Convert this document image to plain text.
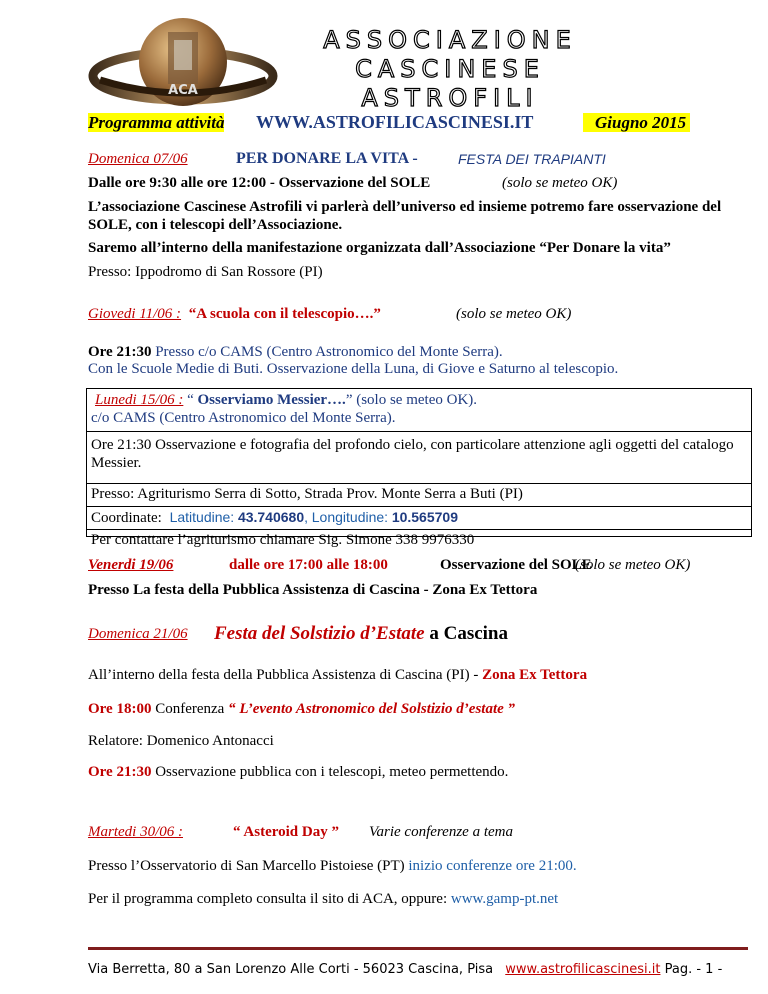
ACA
ASSOCIAZIONE
CASCINESE
ASTROFILI
Programma attività WWW.ASTROFILICASCINESI.IT	Giugno 2015
Domenica 07/06	PER DONARE LA VITA -	FESTA DEI TRAPIANTI
Dalle ore 9:30 alle ore 12:00 - Osservazione del SOLE	(solo se meteo OK)
L’associazione Cascinese Astrofili vi parlerà dell’universo ed insieme potremo fare osservazione del SOLE, con i telescopi dell’Associazione.
Saremo all’interno della manifestazione organizzata dall’Associazione “Per Donare la vita”
Presso: Ippodromo di San Rossore (PI)
Giovedi 11/06 : “A scuola con il telescopio….”	(solo se meteo OK)
Ore 21:30 Presso c/o CAMS (Centro Astronomico del Monte Serra).
Con le Scuole Medie di Buti. Osservazione della Luna, di Giove e Saturno al telescopio.
Lunedi 15/06 : “ Osserviamo Messier….” (solo se meteo OK).
c/o CAMS (Centro Astronomico del Monte Serra).
Ore 21:30 Osservazione e fotografia del profondo cielo, con particolare attenzione agli oggetti del catalogo Messier.
Presso: Agriturismo Serra di Sotto, Strada Prov. Monte Serra a Buti (PI)
Coordinate: Latitudine: 43.740680, Longitudine: 10.565709
Per contattare l’agriturismo chiamare Sig. Simone 338 9976330
Venerdi 19/06	dalle ore 17:00 alle 18:00	Osservazione del SOLE
(solo se meteo OK)
Presso La festa della Pubblica Assistenza di Cascina - Zona Ex Tettora
Domenica 21/06 Festa del Solstizio d’Estate a Cascina
All’interno della festa della Pubblica Assistenza di Cascina (PI) - Zona Ex Tettora
Ore 18:00 Conferenza “ L’evento Astronomico del Solstizio d’estate ”
Relatore: Domenico Antonacci
Ore 21:30 Osservazione pubblica con i telescopi, meteo permettendo.
Martedi 30/06 :	“ Asteroid Day ” Varie conferenze a tema
Presso l’Osservatorio di San Marcello Pistoiese (PT) inizio conferenze ore 21:00.
Per il programma completo consulta il sito di ACA, oppure: www.gamp-pt.net
Via Berretta, 80 a San Lorenzo Alle Corti - 56023 Cascina, Pisa www.astrofilicascinesi.it Pag. - 1 -
